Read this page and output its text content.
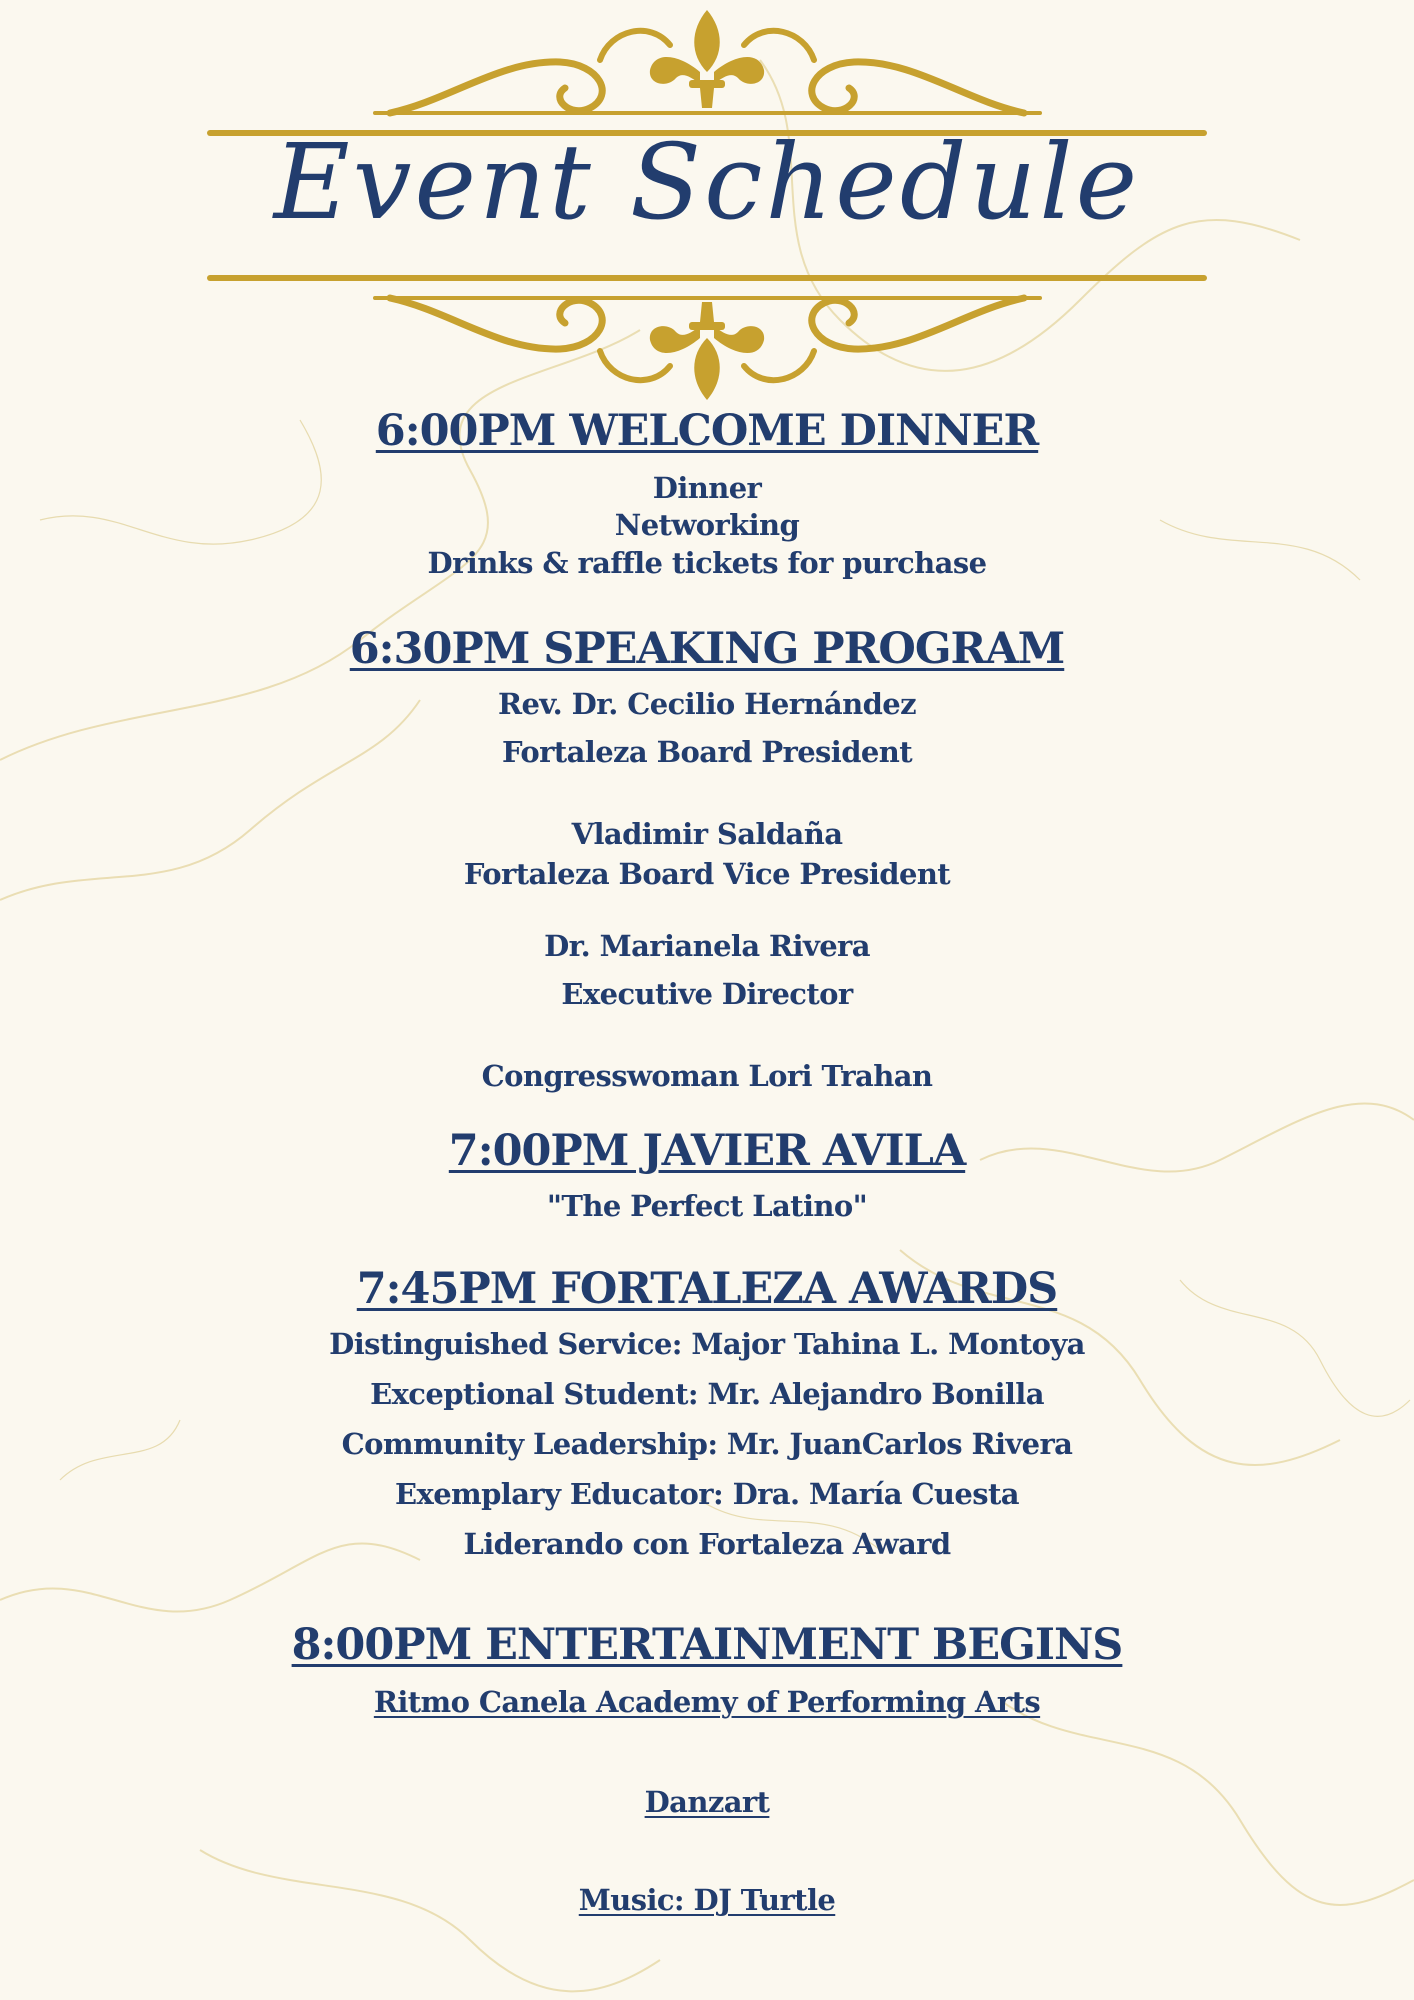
Event Schedule
6:00PM WELCOME DINNER
Dinner
Networking
Drinks & raffle tickets for purchase
6:30PM SPEAKING PROGRAM
Rev. Dr. Cecilio Hernández
Fortaleza Board President
Vladimir Saldaña
Fortaleza Board Vice President
Dr. Marianela Rivera
Executive Director
Congresswoman Lori Trahan
7:00PM JAVIER AVILA
"The Perfect Latino"
7:45PM FORTALEZA AWARDS
Distinguished Service: Major Tahina L. Montoya
Exceptional Student: Mr. Alejandro Bonilla
Community Leadership: Mr. JuanCarlos Rivera
Exemplary Educator: Dra. María Cuesta
Liderando con Fortaleza Award
8:00PM ENTERTAINMENT BEGINS
Ritmo Canela Academy of Performing Arts
Danzart
Music: DJ Turtle
